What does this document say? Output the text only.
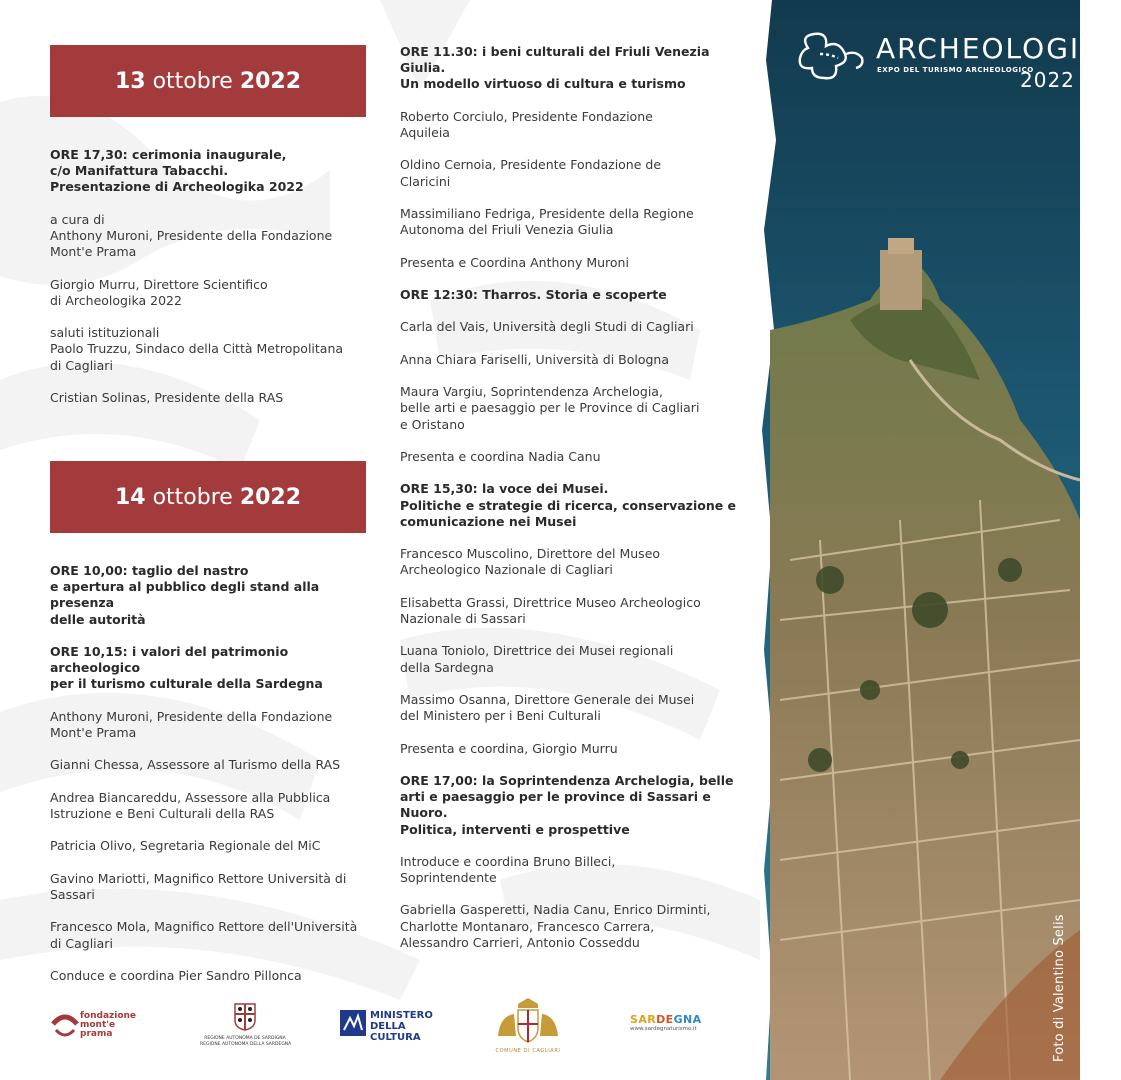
Foto di Valentino Selis
ARCHEOLOGIKA
EXPO DEL TURISMO ARCHEOLOGICO
2022
13 ottobre 2022

ORE 17,30: cerimonia inaugurale,
c/o Manifattura Tabacchi.
Presentazione di Archeologika 2022

a cura di
Anthony Muroni, Presidente della Fondazione
Mont'e Prama

Giorgio Murru, Direttore Scientifico
di Archeologika 2022

saluti istituzionali
Paolo Truzzu, Sindaco della Città Metropolitana
di Cagliari

Cristian Solinas, Presidente della RAS

14 ottobre 2022

ORE 10,00: taglio del nastro
e apertura al pubblico degli stand alla presenza
delle autorità

ORE 10,15: i valori del patrimonio archeologico
per il turismo culturale della Sardegna

Anthony Muroni, Presidente della Fondazione
Mont'e Prama

Gianni Chessa, Assessore al Turismo della RAS

Andrea Biancareddu, Assessore alla Pubblica
Istruzione e Beni Culturali della RAS

Patricia Olivo, Segretaria Regionale del MiC

Gavino Mariotti, Magnifico Rettore Università di
Sassari

Francesco Mola, Magnifico Rettore dell'Università
di Cagliari

Conduce e coordina Pier Sandro Pillonca

ORE 11.30: i beni culturali del Friuli Venezia
Giulia.
Un modello virtuoso di cultura e turismo

Roberto Corciulo, Presidente Fondazione
Aquileia

Oldino Cernoia, Presidente Fondazione de
Claricini

Massimiliano Fedriga, Presidente della Regione
Autonoma del Friuli Venezia Giulia

Presenta e Coordina Anthony Muroni

ORE 12:30: Tharros. Storia e scoperte

Carla del Vais, Università degli Studi di Cagliari

Anna Chiara Fariselli, Università di Bologna

Maura Vargiu, Soprintendenza Archelogia,
belle arti e paesaggio per le Province di Cagliari
e Oristano

Presenta e coordina Nadia Canu

ORE 15,30: la voce dei Musei.
Politiche e strategie di ricerca, conservazione e
comunicazione nei Musei

Francesco Muscolino, Direttore del Museo
Archeologico Nazionale di Cagliari

Elisabetta Grassi, Direttrice Museo Archeologico
Nazionale di Sassari

Luana Toniolo, Direttrice dei Musei regionali
della Sardegna

Massimo Osanna, Direttore Generale dei Musei
del Ministero per i Beni Culturali

Presenta e coordina, Giorgio Murru

ORE 17,00: la Soprintendenza Archelogia, belle
arti e paesaggio per le province di Sassari e
Nuoro.
Politica, interventi e prospettive

Introduce e coordina Bruno Billeci,
Soprintendente

Gabriella Gasperetti, Nadia Canu, Enrico Dirminti,
Charlotte Montanaro, Francesco Carrera,
Alessandro Carrieri, Antonio Cosseddu

fondazione
mont'e prama	REGIONE AUTONOMA DE SARDIGNA
REGIONE AUTONOMA DELLA SARDEGNA
MINISTERO
DELLA
CULTURA
COMUNE DI CAGLIARI
SARDEGNA
www.sardegnaturismo.it
